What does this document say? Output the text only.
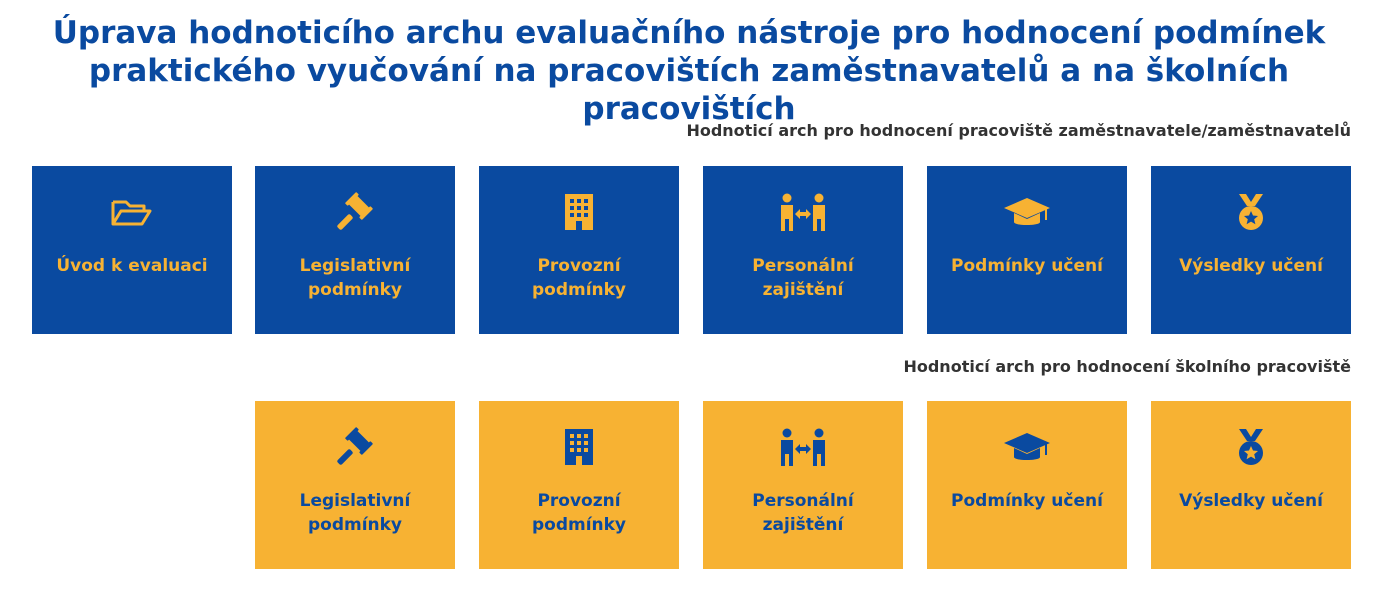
Úprava hodnoticího archu evaluačního nástroje pro hodnocení podmínek
praktického vyučování na pracovištích zaměstnavatelů a na školních pracovištích
Hodnoticí arch pro hodnocení pracoviště zaměstnavatele/zaměstnavatelů
Úvod k evaluaci	Legislativní podmínky
Provozní podmínky
Personální zajištění
Podmínky učení	Výsledky učení
Hodnoticí arch pro hodnocení školního pracoviště
Legislativní podmínky
Provozní podmínky
Personální zajištění
Podmínky učení	Výsledky učení
